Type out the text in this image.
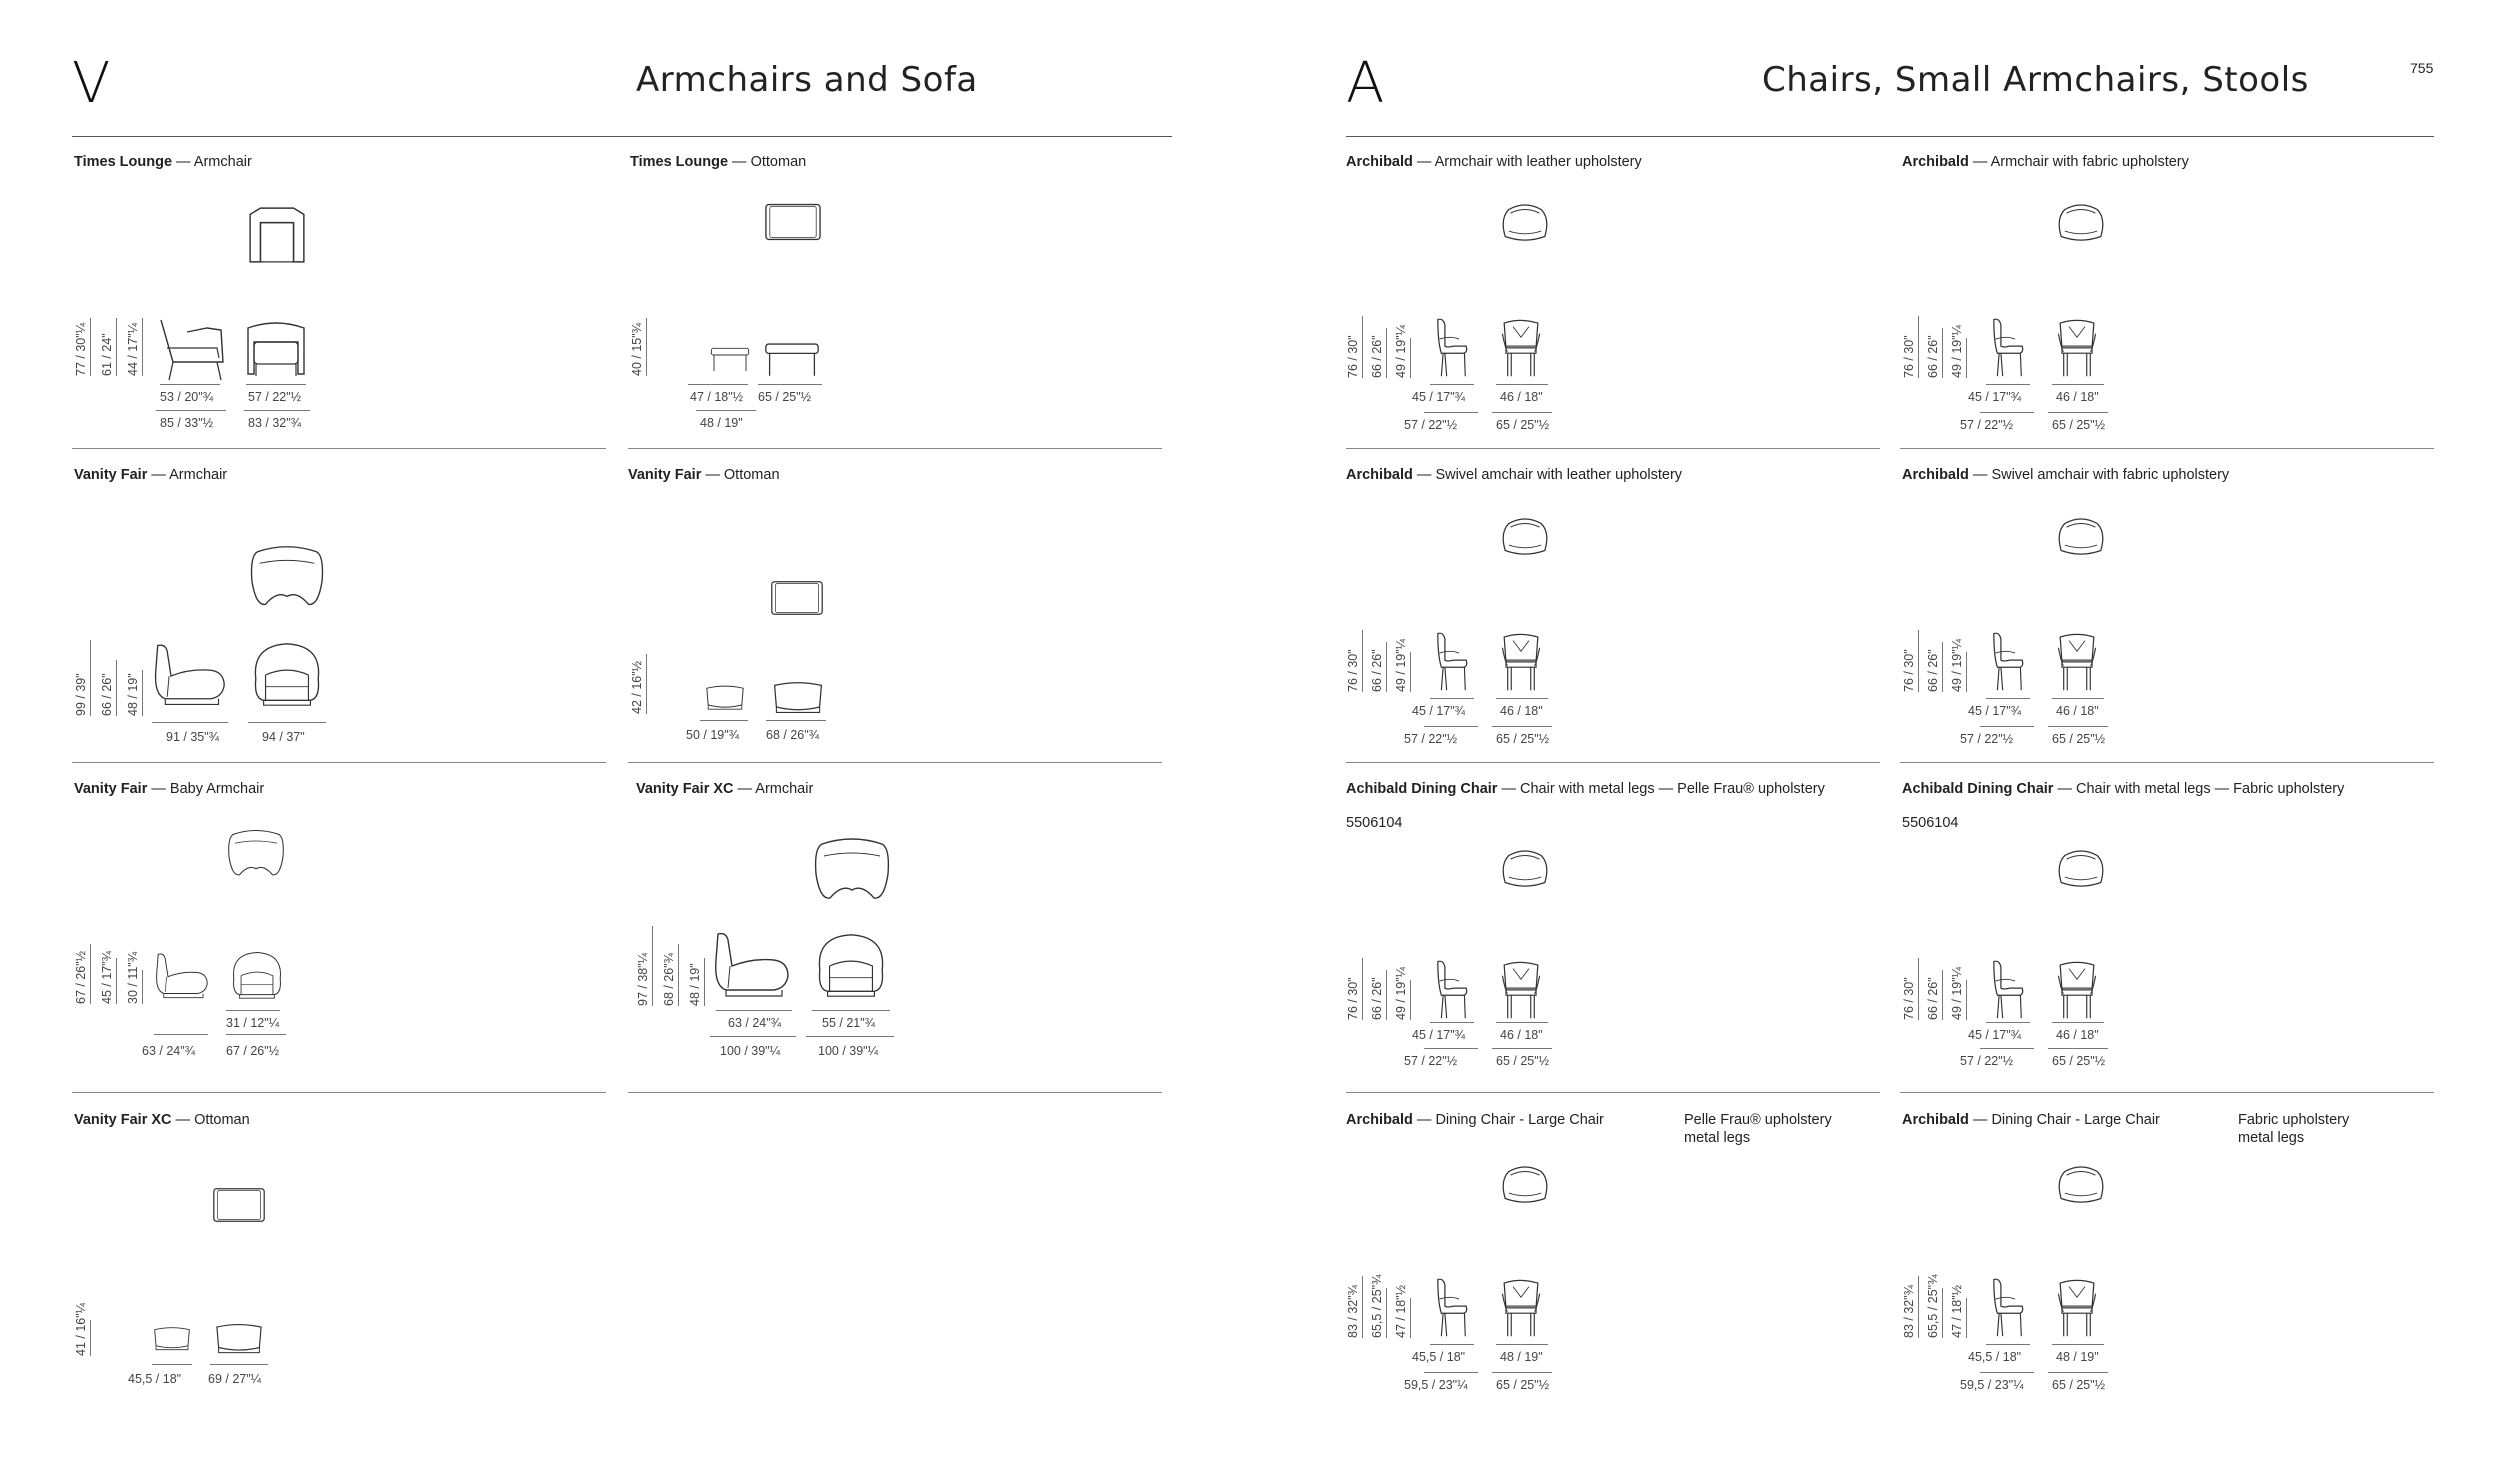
V	Armchairs and Sofa
Times Lounge — Armchair
77 / 30"¼ 61 / 24" 44 / 17"¼
53 / 20"¾	57 / 22"½
85 / 33"½	83 / 32"¾
Times Lounge — Ottoman
40 / 15"¾
47 / 18"½ 65 / 25"½
48 / 19"
Vanity Fair — Armchair
99 / 39" 66 / 26" 48 / 19"
91 / 35"¾	94 / 37"
Vanity Fair — Ottoman
42 / 16"½
50 / 19"¾ 68 / 26"¾
Vanity Fair — Baby Armchair
67 / 26"½ 45 / 17"¾ 30 / 11"¾
31 / 12"¼
63 / 24"¾ 67 / 26"½
Vanity Fair XC — Armchair
97 / 38"¼ 68 / 26"¾ 48 / 19"
63 / 24"¾	55 / 21"¾
100 / 39"¼	100 / 39"¼
Vanity Fair XC — Ottoman
41 / 16"¼
45,5 / 18" 69 / 27"¼
A	Chairs, Small Armchairs, Stools	755
Archibald — Armchair with leather upholstery	Archibald — Armchair with fabric upholstery
Archibald — Swivel amchair with leather upholstery	Archibald — Swivel amchair with fabric upholstery
Achibald Dining Chair — Chair with metal legs — Pelle Frau® upholstery
5506104
Achibald Dining Chair — Chair with metal legs — Fabric upholstery
5506104
Archibald — Dining Chair - Large Chair	Pelle Frau® upholstery
metal legs
Archibald — Dining Chair - Large Chair	Fabric upholstery
metal legs
76 / 30" 66 / 26" 49 / 19"¼
45 / 17"¾	46 / 18"
57 / 22"½	65 / 25"½
76 / 30" 66 / 26" 49 / 19"¼
45 / 17"¾	46 / 18"
57 / 22"½	65 / 25"½
76 / 30" 66 / 26" 49 / 19"¼
45 / 17"¾	46 / 18"
57 / 22"½	65 / 25"½
76 / 30" 66 / 26" 49 / 19"¼
45 / 17"¾	46 / 18"
57 / 22"½	65 / 25"½
76 / 30" 66 / 26" 49 / 19"¼
45 / 17"¾	46 / 18"
57 / 22"½	65 / 25"½
76 / 30" 66 / 26" 49 / 19"¼
45 / 17"¾	46 / 18"
57 / 22"½	65 / 25"½
83 / 32"¾ 65,5 / 25"¾ 47 / 18"½
45,5 / 18"	48 / 19"
59,5 / 23"¼ 65 / 25"½
83 / 32"¾ 65,5 / 25"¾ 47 / 18"½
45,5 / 18"	48 / 19"
59,5 / 23"¼ 65 / 25"½
